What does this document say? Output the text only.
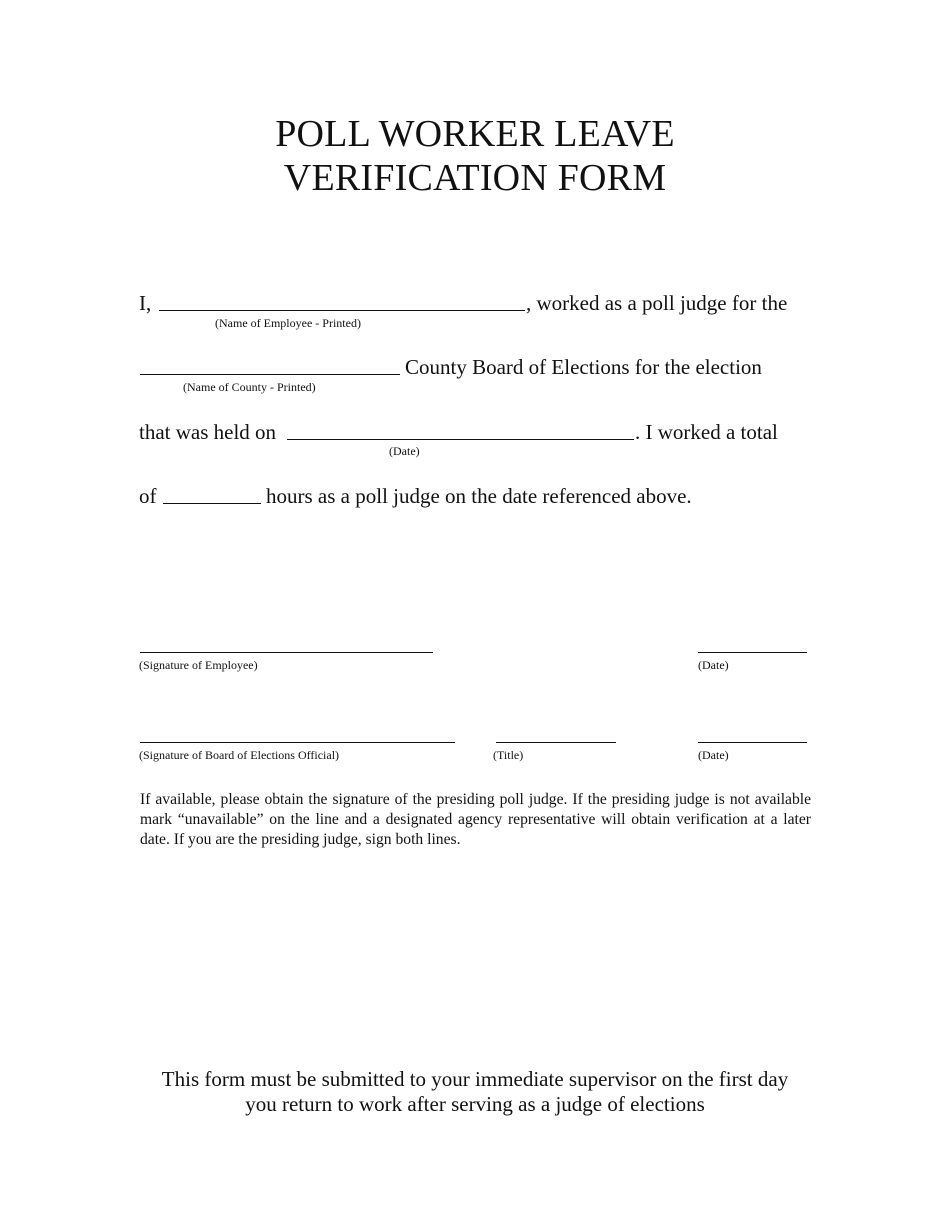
POLL WORKER LEAVE
VERIFICATION FORM
I,	, worked as a poll judge for the
(Name of Employee - Printed)
County Board of Elections for the election
(Name of County - Printed)
that was held on	. I worked a total
(Date)
of	hours as a poll judge on the date referenced above.
(Signature of Employee)	(Date)
(Signature of Board of Elections Official)	(Title)	(Date)
If available, please obtain the signature of the presiding poll judge. If the presiding judge is not available mark “unavailable” on the line and a designated agency representative will obtain verification at a later date. If you are the presiding judge, sign both lines.
This form must be submitted to your immediate supervisor on the first day
you return to work after serving as a judge of elections
